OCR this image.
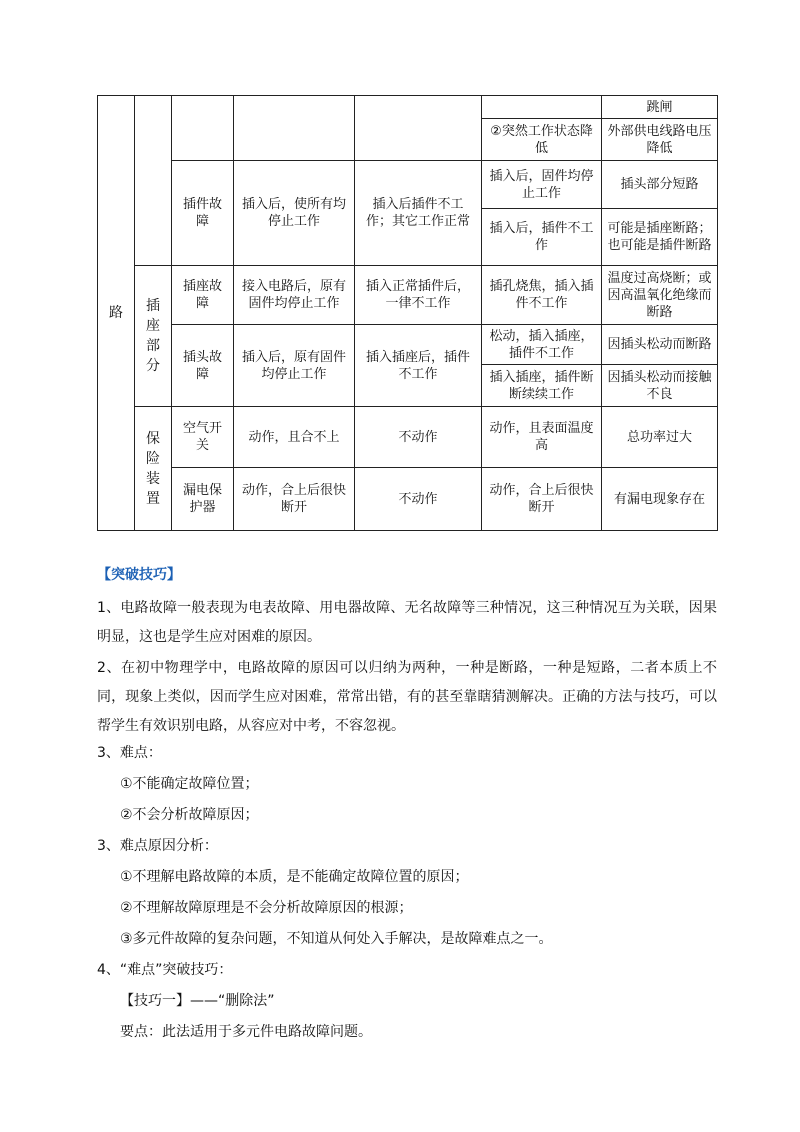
路						跳闸
					②突然工作状态降低	外部供电线路电压降低
		插件故障	插入后，使所有均停止工作	插入后插件不工作；其它工作正常	插入后，固件均停止工作	插头部分短路
					插入后，插件不工作	可能是插座断路；也可能是插件断路
	插座部分	插座故障	接入电路后，原有固件均停止工作	插入正常插件后，一律不工作	插孔烧焦，插入插件不工作	温度过高烧断；或因高温氧化绝缘而断路
		插头故障	插入后，原有固件均停止工作	插入插座后，插件不工作	松动，插入插座，插件不工作	因插头松动而断路
					插入插座，插件断断续续工作	因插头松动而接触不良
	保险装置	空气开关	动作，且合不上	不动作	动作，且表面温度高	总功率过大
		漏电保护器	动作，合上后很快断开	不动作	动作，合上后很快断开	有漏电现象存在

【突破技巧】

1、电路故障一般表现为电表故障、用电器故障、无名故障等三种情况，这三种情况互为关联，因果明显，这也是学生应对困难的原因。

2、在初中物理学中，电路故障的原因可以归纳为两种，一种是断路，一种是短路，二者本质上不同，现象上类似，因而学生应对困难，常常出错，有的甚至靠瞎猜测解决。正确的方法与技巧，可以帮学生有效识别电路，从容应对中考，不容忽视。

3、难点：

①不能确定故障位置；

②不会分析故障原因；

3、难点原因分析：

①不理解电路故障的本质，是不能确定故障位置的原因；

②不理解故障原理是不会分析故障原因的根源；

③多元件故障的复杂问题，不知道从何处入手解决，是故障难点之一。

4、“难点”突破技巧：

【技巧一】——“删除法”

要点：此法适用于多元件电路故障问题。
